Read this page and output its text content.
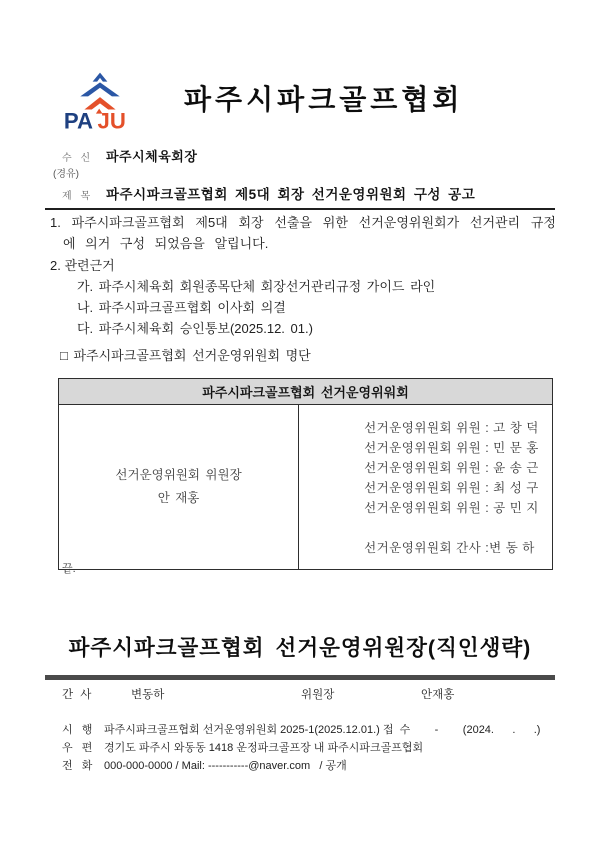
PA JU
파주시파크골프협회
수 신 파주시체육회장
(경유)
제 목 파주시파크골프협회 제5대 회장 선거운영위원회 구성 공고

1. 파주시파크골프협회 제5대 회장 선출을 위한 선거운영위원회가 선거관리 규정에 의거 구성 되었음을 알립니다.

2. 관련근거

가. 파주시체육회 회원종목단체 회장선거관리규정 가이드 라인

나. 파주시파크골프협회 이사회 의결

다. 파주시체육회 승인통보(2025.12. 01.)

□ 파주시파크골프협회 선거운영위원회 명단
파주시파크골프협회 선거운영위워회

선거운영위원회 위원장
안 재홍

선거운영위원회 위원 : 고 창 덕
선거운영위원회 위원 : 민 문 홍
선거운영위원회 위원 : 윤 송 근
선거운영위원회 위원 : 최 성 구
선거운영위원회 위원 : 공 민 지
선거운영위원회 간사 :변 동 하
끝.
파주시파크골프협회 선거운영위원장(직인생략)
간 사	변동하	위원장	안재홍
시  행 파주시파크골프협회 선거운영위원회 2025-1(2025.12.01.) 접  수        -        (2024.      .      .)
우  편 경기도 파주시 와동동 1418 운정파크골프장 내 파주시파크골프협회
전  화 000-000-0000 / Mail: -----------@naver.com   / 공개
